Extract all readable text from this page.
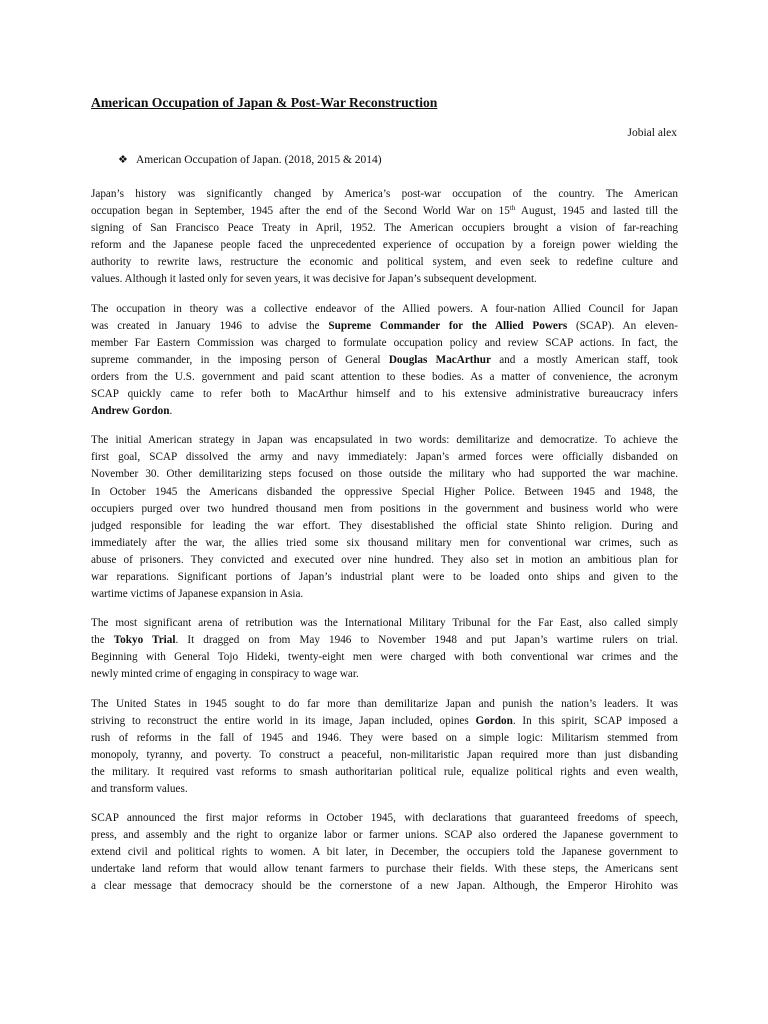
American Occupation of Japan & Post-War Reconstruction
Jobial alex
❖ American Occupation of Japan. (2018, 2015 & 2014)
Japan’s history was significantly changed by America’s post-war occupation of the country. The American
occupation began in September, 1945 after the end of the Second World War on 15th August, 1945 and lasted till the
signing of San Francisco Peace Treaty in April, 1952. The American occupiers brought a vision of far-reaching
reform and the Japanese people faced the unprecedented experience of occupation by a foreign power wielding the
authority to rewrite laws, restructure the economic and political system, and even seek to redefine culture and
values. Although it lasted only for seven years, it was decisive for Japan’s subsequent development.
The occupation in theory was a collective endeavor of the Allied powers. A four-nation Allied Council for Japan
was created in January 1946 to advise the Supreme Commander for the Allied Powers (SCAP). An eleven-
member Far Eastern Commission was charged to formulate occupation policy and review SCAP actions. In fact, the
supreme commander, in the imposing person of General Douglas MacArthur and a mostly American staff, took
orders from the U.S. government and paid scant attention to these bodies. As a matter of convenience, the acronym
SCAP quickly came to refer both to MacArthur himself and to his extensive administrative bureaucracy infers
Andrew Gordon.
The initial American strategy in Japan was encapsulated in two words: demilitarize and democratize. To achieve the
first goal, SCAP dissolved the army and navy immediately: Japan’s armed forces were officially disbanded on
November 30. Other demilitarizing steps focused on those outside the military who had supported the war machine.
In October 1945 the Americans disbanded the oppressive Special Higher Police. Between 1945 and 1948, the
occupiers purged over two hundred thousand men from positions in the government and business world who were
judged responsible for leading the war effort. They disestablished the official state Shinto religion. During and
immediately after the war, the allies tried some six thousand military men for conventional war crimes, such as
abuse of prisoners. They convicted and executed over nine hundred. They also set in motion an ambitious plan for
war reparations. Significant portions of Japan’s industrial plant were to be loaded onto ships and given to the
wartime victims of Japanese expansion in Asia.
The most significant arena of retribution was the International Military Tribunal for the Far East, also called simply
the Tokyo Trial. It dragged on from May 1946 to November 1948 and put Japan’s wartime rulers on trial.
Beginning with General Tojo Hideki, twenty-eight men were charged with both conventional war crimes and the
newly minted crime of engaging in conspiracy to wage war.
The United States in 1945 sought to do far more than demilitarize Japan and punish the nation’s leaders. It was
striving to reconstruct the entire world in its image, Japan included, opines Gordon. In this spirit, SCAP imposed a
rush of reforms in the fall of 1945 and 1946. They were based on a simple logic: Militarism stemmed from
monopoly, tyranny, and poverty. To construct a peaceful, non-militaristic Japan required more than just disbanding
the military. It required vast reforms to smash authoritarian political rule, equalize political rights and even wealth,
and transform values.
SCAP announced the first major reforms in October 1945, with declarations that guaranteed freedoms of speech,
press, and assembly and the right to organize labor or farmer unions. SCAP also ordered the Japanese government to
extend civil and political rights to women. A bit later, in December, the occupiers told the Japanese government to
undertake land reform that would allow tenant farmers to purchase their fields. With these steps, the Americans sent
a clear message that democracy should be the cornerstone of a new Japan. Although, the Emperor Hirohito was
